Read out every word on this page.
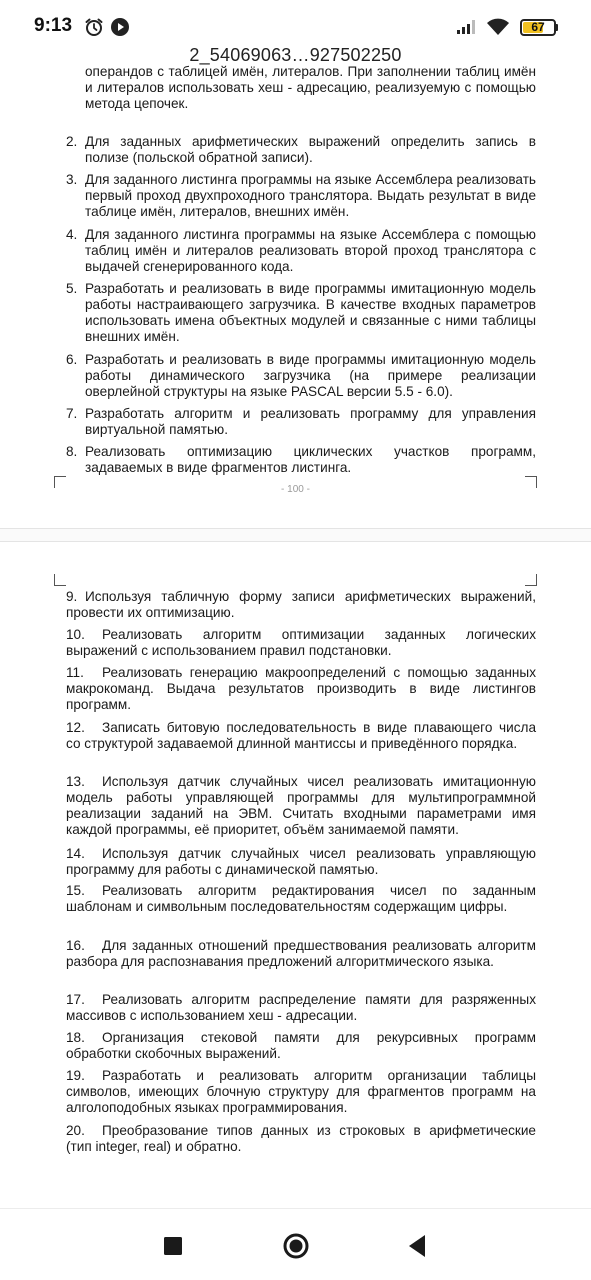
9:13	67
2_54069063…927502250
операндов с таблицей имён, литералов. При заполнении таблиц имён и литералов использовать хеш - адресацию, реализуемую с помощью метода цепочек.
2. Для заданных арифметических выражений определить запись в полизе (польской обратной записи).
3. Для заданного листинга программы на языке Ассемблера реализовать первый проход двухпроходного транслятора. Выдать результат в виде таблице имён, литералов, внешних имён.
4. Для заданного листинга программы на языке Ассемблера с помощью таблиц имён и литералов реализовать второй проход транслятора с выдачей сгенерированного кода.
5. Разработать и реализовать в виде программы имитационную модель работы настраивающего загрузчика. В качестве входных параметров использовать имена объектных модулей и связанные с ними таблицы внешних имён.
6. Разработать и реализовать в виде программы имитационную модель работы динамического загрузчика (на примере реализации оверлейной структуры на языке PASCAL версии 5.5 - 6.0).
7. Разработать алгоритм и реализовать программу для управления виртуальной памятью.
8. Реализовать оптимизацию циклических участков программ, задаваемых в виде фрагментов листинга.
- 100 -
9. Используя табличную форму записи арифметических выражений, провести их оптимизацию.
10.	Реализовать алгоритм оптимизации заданных логических выражений с использованием правил подстановки.
11.	Реализовать генерацию макроопределений с помощью заданных макрокоманд. Выдача результатов производить в виде листингов программ.
12.	Записать битовую последовательность в виде плавающего числа со структурой задаваемой длинной мантиссы и приведённого порядка.
13.	Используя датчик случайных чисел реализовать имитационную модель работы управляющей программы для мультипрограммной реализации заданий на ЭВМ. Считать входными параметрами имя каждой программы, её приоритет, объём занимаемой памяти.
14.	Используя датчик случайных чисел реализовать управляющую программу для работы с динамической памятью.
15.	Реализовать алгоритм редактирования чисел по заданным шаблонам и символьным последовательностям содержащим цифры.
16.	Для заданных отношений предшествования реализовать алгоритм разбора для распознавания предложений алгоритмического языка.
17.	Реализовать алгоритм распределение памяти для разряженных массивов с использованием хеш - адресации.
18.	Организация стековой памяти для рекурсивных программ обработки скобочных выражений.
19.	Разработать и реализовать алгоритм организации таблицы символов, имеющих блочную структуру для фрагментов программ на алголоподобных языках программирования.
20.	Преобразование типов данных из строковых в арифметические (тип integer, real) и обратно.
